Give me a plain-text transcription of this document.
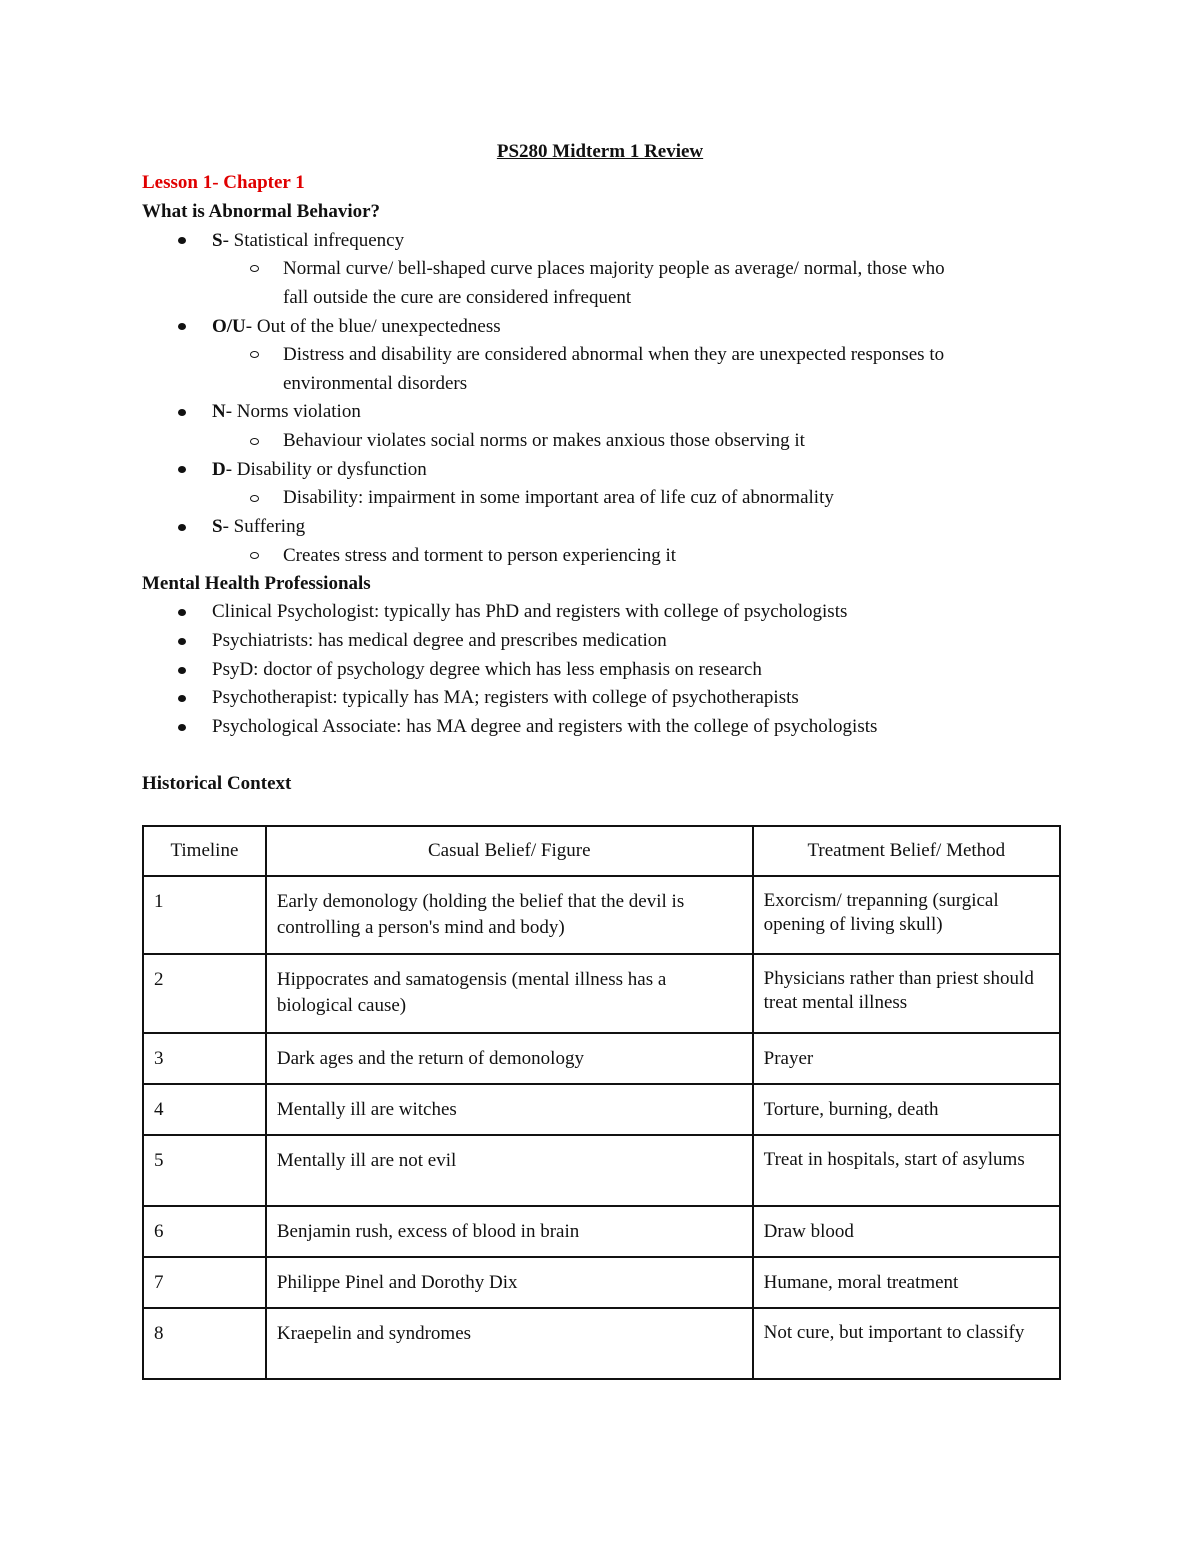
PS280 Midterm 1 Review
Lesson 1- Chapter 1
What is Abnormal Behavior?
S- Statistical infrequency
Normal curve/ bell-shaped curve places majority people as average/ normal, those who
fall outside the cure are considered infrequent
O/U- Out of the blue/ unexpectedness
Distress and disability are considered abnormal when they are unexpected responses to
environmental disorders
N- Norms violation
Behaviour violates social norms or makes anxious those observing it
D- Disability or dysfunction
Disability: impairment in some important area of life cuz of abnormality
S- Suffering
Creates stress and torment to person experiencing it
Mental Health Professionals
Clinical Psychologist: typically has PhD and registers with college of psychologists
Psychiatrists: has medical degree and prescribes medication
PsyD: doctor of psychology degree which has less emphasis on research
Psychotherapist: typically has MA; registers with college of psychotherapists
Psychological Associate: has MA degree and registers with the college of psychologists
Historical Context
Timeline	Casual Belief/ Figure	Treatment Belief/ Method
1	Early demonology (holding the belief that the devil is controlling a person's mind and body)	Exorcism/ trepanning (surgical opening of living skull)
2	Hippocrates and samatogensis (mental illness has a biological cause)	Physicians rather than priest should treat mental illness
3	Dark ages and the return of demonology	Prayer
4	Mentally ill are witches	Torture, burning, death
5	Mentally ill are not evil	Treat in hospitals, start of asylums
6	Benjamin rush, excess of blood in brain	Draw blood
7	Philippe Pinel and Dorothy Dix	Humane, moral treatment
8	Kraepelin and syndromes	Not cure, but important to classify
